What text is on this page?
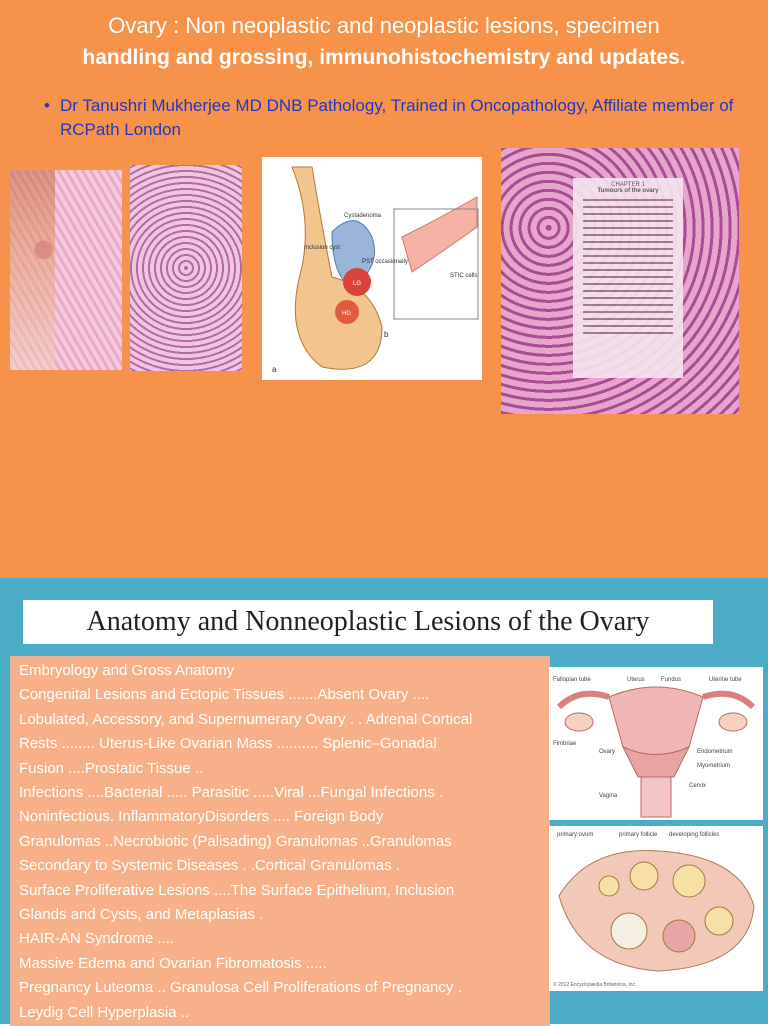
Ovary : Non neoplastic and neoplastic lesions, specimen
handling and grossing, immunohistochemistry and updates.
• Dr Tanushri Mukherjee MD DNB Pathology, Trained in Oncopathology, Affiliate member of RCPath London
Cystadenoma
Inclusion cyst
PST occasionally
LG
HG
STIC cells
a
b
CHAPTER 1
Tumours of the ovary
Anatomy and Nonneoplastic Lesions of the Ovary
Embryology and Gross Anatomy
Congenital Lesions and Ectopic Tissues .......Absent Ovary ....
Lobulated, Accessory, and Supernumerary Ovary . . Adrenal Cortical
Rests ........ Uterus-Like Ovarian Mass .......... Splenic–Gonadal
Fusion ....Prostatic Tissue ..
Infections ....Bacterial ..... Parasitic .....Viral ...Fungal Infections .
Noninfectious. InflammatoryDisorders .... Foreign Body
Granulomas ..Necrobiotic (Palisading) Granulomas ..Granulomas
Secondary to Systemic Diseases . .Cortical Granulomas .
Surface Proliferative Lesions ....The Surface Epithelium, Inclusion
Glands and Cysts, and Metaplasias .
HAIR-AN Syndrome ....
Massive Edema and Ovarian Fibromatosis .....
Pregnancy Luteoma .. Granulosa Cell Proliferations of Pregnancy .
Leydig Cell Hyperplasia ..
Fallopian tube	Uterus	Fundus	Uterine tube
Fimbriae
Ovary	Endometrium
Myometrium
Cervix
Vagina
primary ovum	primary follicle developing follicles
© 2012 Encyclopædia Britannica, Inc.
